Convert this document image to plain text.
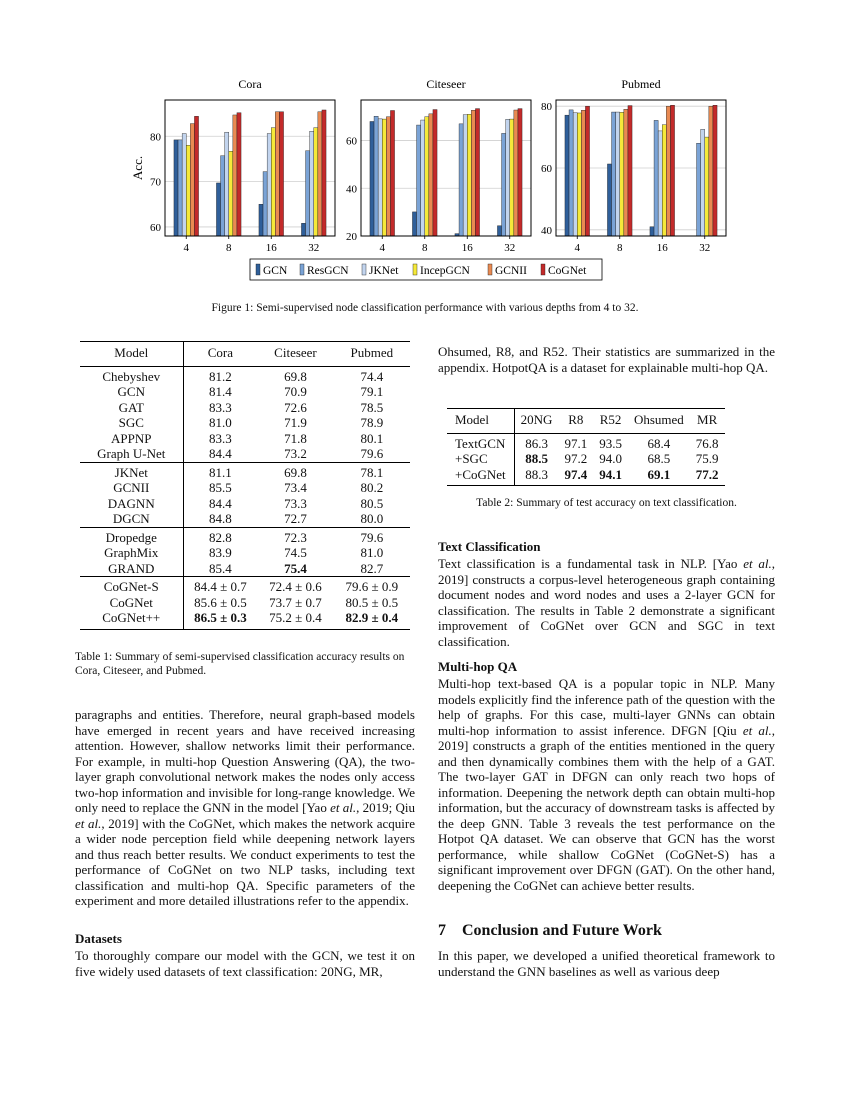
Cora
60
70
80
4	8	16	32
Citeseer
20
40
60
4	8	16	32
Pubmed
40
60
80
4	8	16	32
Acc.
GCN ResGCN JKNet IncepGCN GCNII CoGNet
Figure 1: Semi-supervised node classification performance with various depths from 4 to 32.
Model	Cora	Citeseer	Pubmed
Chebyshev	81.2	69.8	74.4
GCN	81.4	70.9	79.1
GAT	83.3	72.6	78.5
SGC	81.0	71.9	78.9
APPNP	83.3	71.8	80.1
Graph U-Net	84.4	73.2	79.6
JKNet	81.1	69.8	78.1
GCNII	85.5	73.4	80.2
DAGNN	84.4	73.3	80.5
DGCN	84.8	72.7	80.0
Dropedge	82.8	72.3	79.6
GraphMix	83.9	74.5	81.0
GRAND	85.4	75.4	82.7
CoGNet-S	84.4 ± 0.7	72.4 ± 0.6	79.6 ± 0.9
CoGNet	85.6 ± 0.5	73.7 ± 0.7	80.5 ± 0.5
CoGNet++	86.5 ± 0.3	75.2 ± 0.4	82.9 ± 0.4
Table 1: Summary of semi-supervised classification accuracy results on Cora, Citeseer, and Pubmed.
paragraphs and entities. Therefore, neural graph-based models have emerged in recent years and have received increasing attention. However, shallow networks limit their performance. For example, in multi-hop Question Answering (QA), the two-layer graph convolutional network makes the nodes only access two-hop information and invisible for long-range knowledge. We only need to replace the GNN in the model [Yao et al., 2019; Qiu et al., 2019] with the CoGNet, which makes the network acquire a wider node perception field while deepening network layers and thus reach better results. We conduct experiments to test the performance of CoGNet on two NLP tasks, including text classification and multi-hop QA. Specific parameters of the experiment and more detailed illustrations refer to the appendix.
Datasets
To thoroughly compare our model with the GCN, we test it on five widely used datasets of text classification: 20NG, MR,
Ohsumed, R8, and R52. Their statistics are summarized in the appendix. HotpotQA is a dataset for explainable multi-hop QA.
Model	20NG	R8	R52	Ohsumed	MR
TextGCN	86.3	97.1	93.5	68.4	76.8
+SGC	88.5	97.2	94.0	68.5	75.9
+CoGNet	88.3	97.4	94.1	69.1	77.2
Table 2: Summary of test accuracy on text classification.
Text Classification
Text classification is a fundamental task in NLP. [Yao et al., 2019] constructs a corpus-level heterogeneous graph containing document nodes and word nodes and uses a 2-layer GCN for classification. The results in Table 2 demonstrate a significant improvement of CoGNet over GCN and SGC in text classification.
Multi-hop QA
Multi-hop text-based QA is a popular topic in NLP. Many models explicitly find the inference path of the question with the help of graphs. For this case, multi-layer GNNs can obtain multi-hop information to assist inference. DFGN [Qiu et al., 2019] constructs a graph of the entities mentioned in the query and then dynamically combines them with the help of a GAT. The two-layer GAT in DFGN can only reach two hops of information. Deepening the network depth can obtain multi-hop information, but the accuracy of downstream tasks is affected by the deep GNN. Table 3 reveals the test performance on the Hotpot QA dataset. We can observe that GCN has the worst performance, while shallow CoGNet (CoGNet-S) has a significant improvement over DFGN (GAT). On the other hand, deepening the CoGNet can achieve better results.
7    Conclusion and Future Work
In this paper, we developed a unified theoretical framework to understand the GNN baselines as well as various deep
